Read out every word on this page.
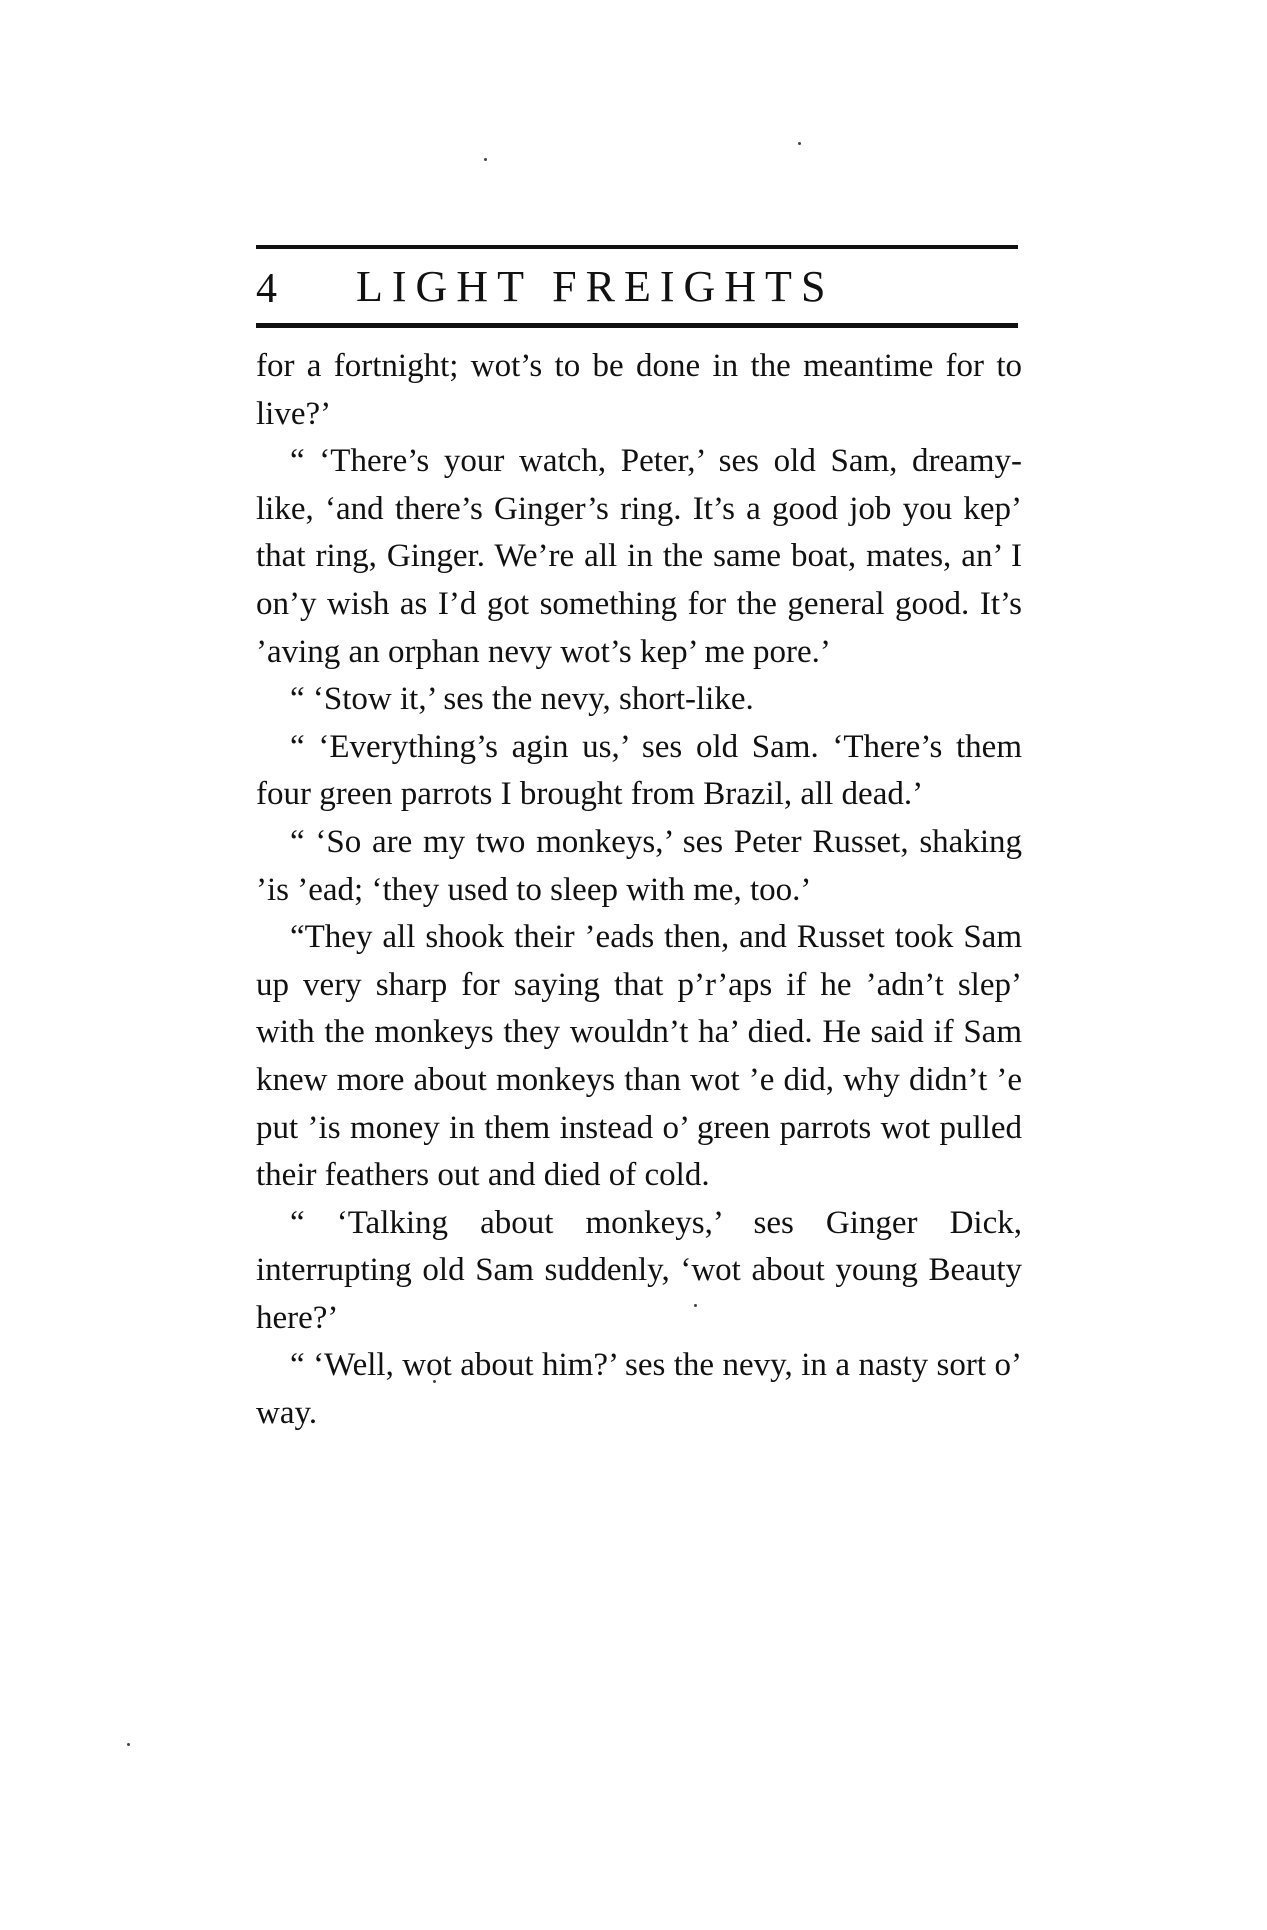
4 LIGHT FREIGHTS

for a fortnight; wot’s to be done in the meantime for to live?’

“ ‘There’s your watch, Peter,’ ses old Sam, dreamy-like, ‘and there’s Ginger’s ring. It’s a good job you kep’ that ring, Ginger. We’re all in the same boat, mates, an’ I on’y wish as I’d got something for the general good. It’s ’aving an orphan nevy wot’s kep’ me pore.’

“ ‘Stow it,’ ses the nevy, short-like.

“ ‘Everything’s agin us,’ ses old Sam. ‘There’s them four green parrots I brought from Brazil, all dead.’

“ ‘So are my two monkeys,’ ses Peter Russet, shaking ’is ’ead; ‘they used to sleep with me, too.’

“They all shook their ’eads then, and Russet took Sam up very sharp for saying that p’r’aps if he ’adn’t slep’ with the monkeys they wouldn’t ha’ died. He said if Sam knew more about monkeys than wot ’e did, why didn’t ’e put ’is money in them instead o’ green parrots wot pulled their feathers out and died of cold.

“ ‘Talking about monkeys,’ ses Ginger Dick, interrupting old Sam suddenly, ‘wot about young Beauty here?’

“ ‘Well, wot about him?’ ses the nevy, in a nasty sort o’ way.
